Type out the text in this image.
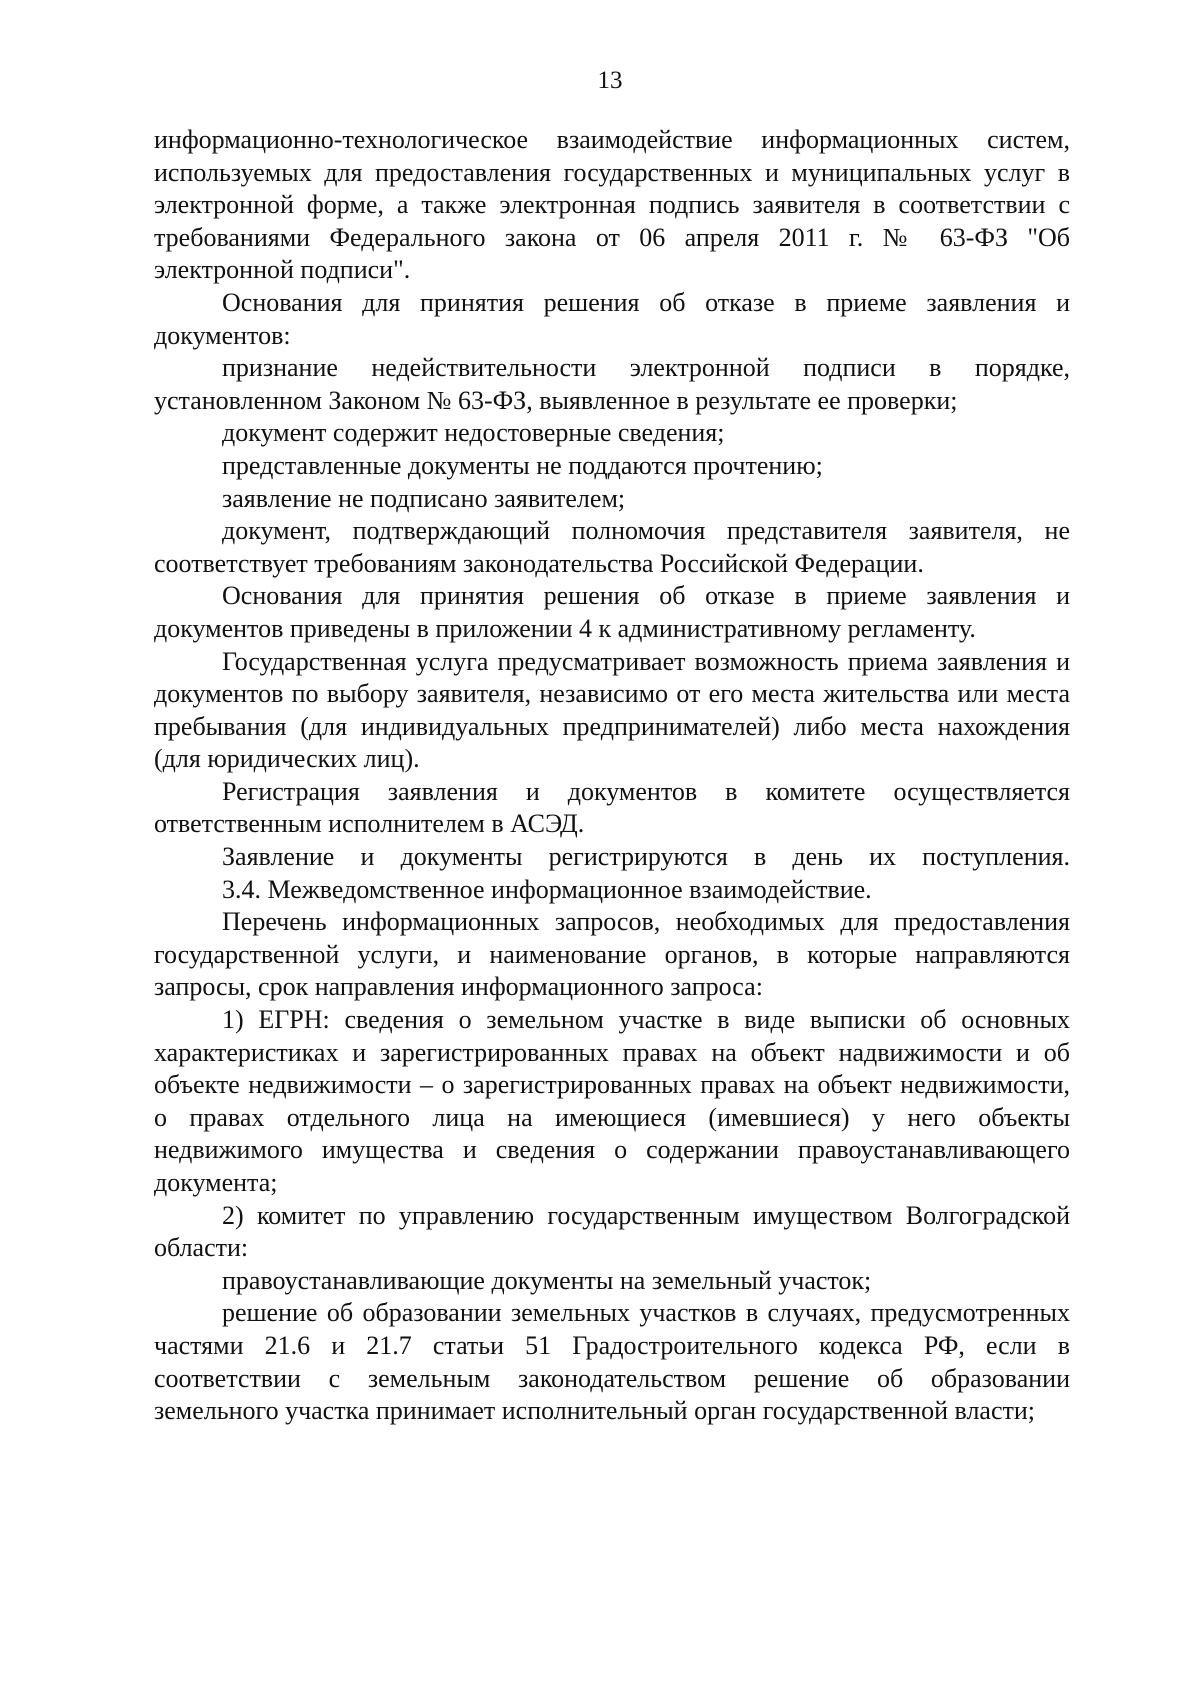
13

информационно-технологическое взаимодействие информационных систем, используемых для предоставления государственных и муниципальных услуг в электронной форме, а также электронная подпись заявителя в соответствии с требованиями Федерального закона от 06 апреля 2011 г. № 63-ФЗ "Об электронной подписи".

Основания для принятия решения об отказе в приеме заявления и документов:

признание недействительности электронной подписи в порядке, установленном Законом № 63-ФЗ, выявленное в результате ее проверки;

документ содержит недостоверные сведения;

представленные документы не поддаются прочтению;

заявление не подписано заявителем;

документ, подтверждающий полномочия представителя заявителя, не соответствует требованиям законодательства Российской Федерации.

Основания для принятия решения об отказе в приеме заявления и документов приведены в приложении 4 к административному регламенту.

Государственная услуга предусматривает возможность приема заявления и документов по выбору заявителя, независимо от его места жительства или места пребывания (для индивидуальных предпринимателей) либо места нахождения (для юридических лиц).

Регистрация заявления и документов в комитете осуществляется ответственным исполнителем в АСЭД.

Заявление и документы регистрируются в день их поступления.

3.4. Межведомственное информационное взаимодействие.

Перечень информационных запросов, необходимых для предоставления государственной услуги, и наименование органов, в которые направляются запросы, срок направления информационного запроса:

1) ЕГРН: сведения о земельном участке в виде выписки об основных характеристиках и зарегистрированных правах на объект надвижимости и об объекте недвижимости – о зарегистрированных правах на объект недвижимости, о правах отдельного лица на имеющиеся (имевшиеся) у него объекты недвижимого имущества и сведения о содержании правоустанавливающего документа;

2) комитет по управлению государственным имуществом Волгоградской области:

правоустанавливающие документы на земельный участок;

решение об образовании земельных участков в случаях, предусмотренных частями 21.6 и 21.7 статьи 51 Градостроительного кодекса РФ, если в соответствии с земельным законодательством решение об образовании земельного участка принимает исполнительный орган государственной власти;
